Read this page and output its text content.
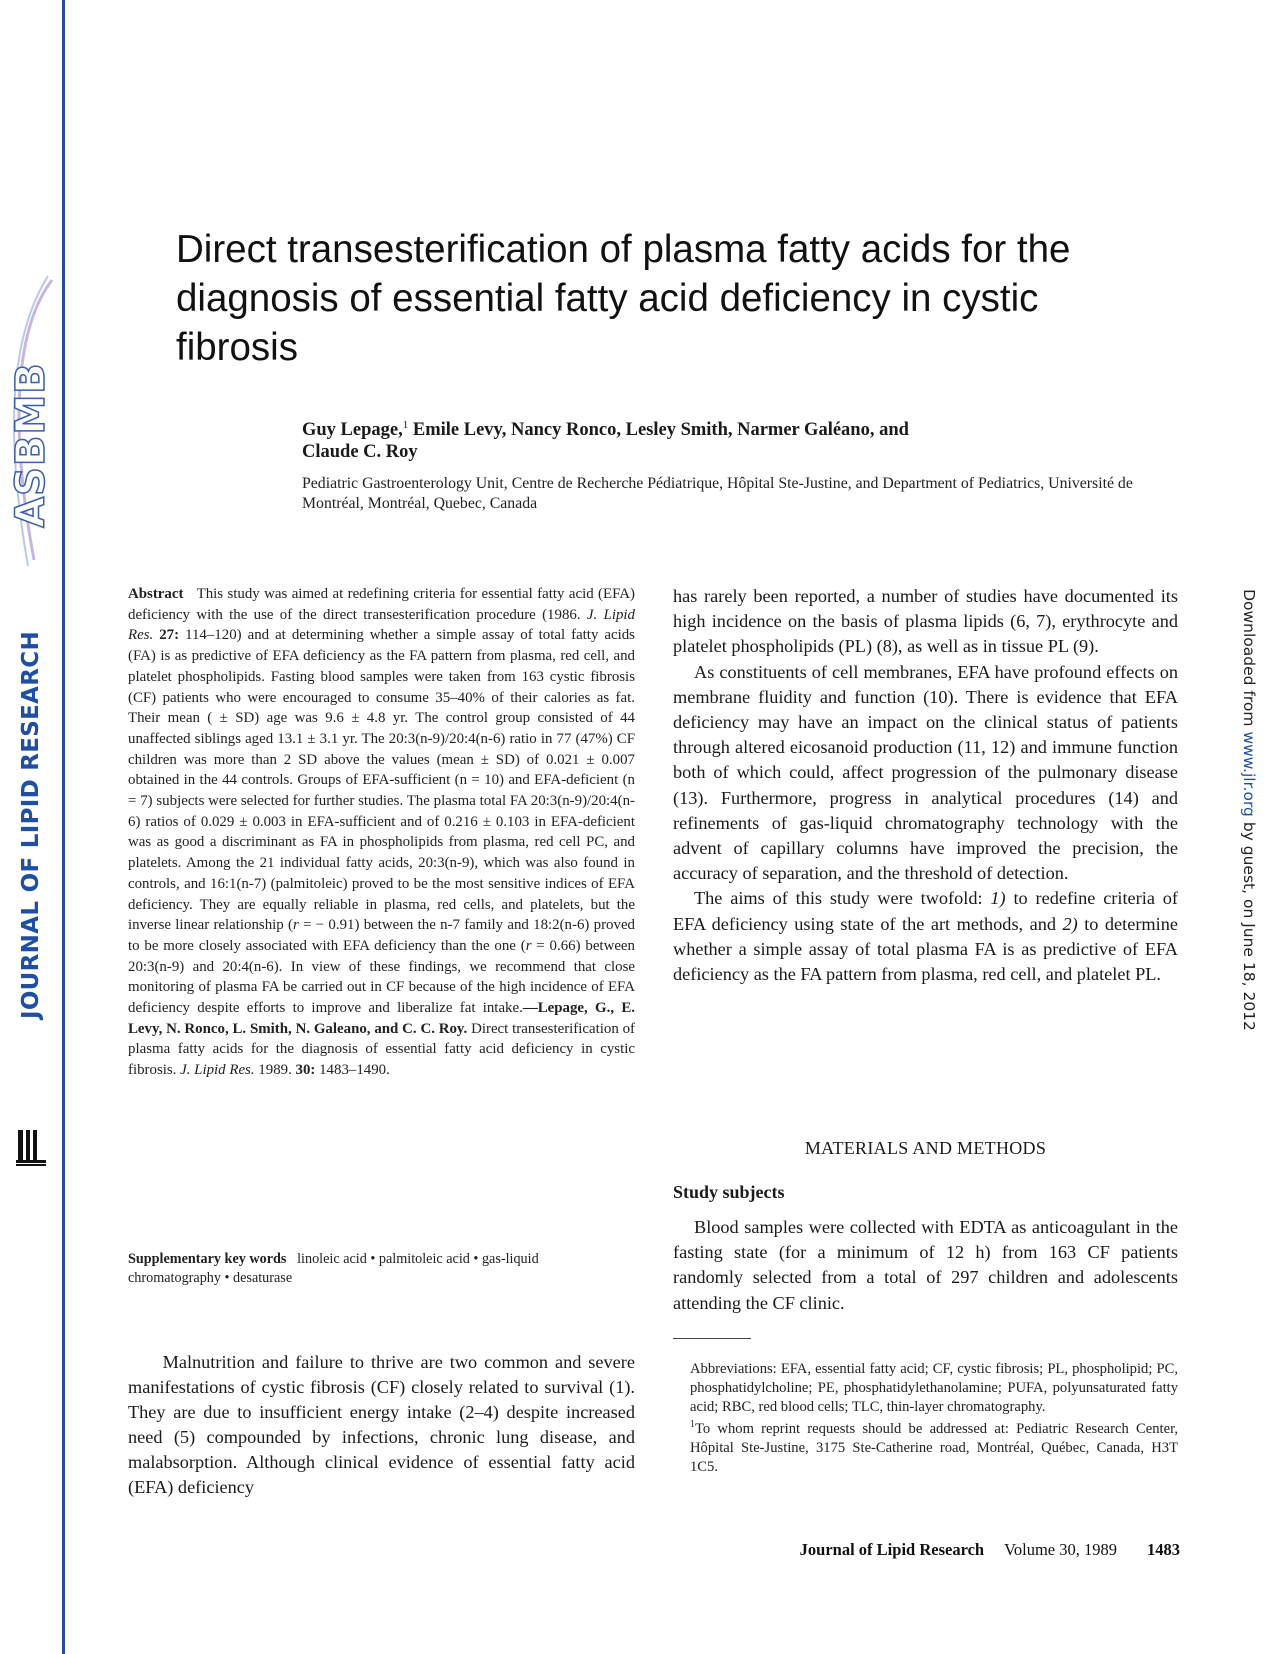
ASBMB
JOURNAL OF LIPID RESEARCH	Downloaded from www.jlr.org by guest, on June 18, 2012
Direct transesterification of plasma fatty acids for the diagnosis of essential fatty acid deficiency in cystic fibrosis
Guy Lepage,$^1$ Emile Levy, Nancy Ronco, Lesley Smith, Narmer Galéano, and
Claude C. Roy
Pediatric Gastroenterology Unit, Centre de Recherche Pédiatrique, Hôpital Ste-Justine, and Department of Pediatrics, Université de Montréal, Montréal, Quebec, Canada

Abstract This study was aimed at redefining criteria for essential fatty acid (EFA) deficiency with the use of the direct transesterification procedure (1986. J. Lipid Res. 27: 114–120) and at determining whether a simple assay of total fatty acids (FA) is as predictive of EFA deficiency as the FA pattern from plasma, red cell, and platelet phospholipids. Fasting blood samples were taken from 163 cystic fibrosis (CF) patients who were encouraged to consume 35–40% of their calories as fat. Their mean ( ± SD) age was 9.6 ± 4.8 yr. The control group consisted of 44 unaffected siblings aged 13.1 ± 3.1 yr. The 20:3(n-9)/20:4(n-6) ratio in 77 (47%) CF children was more than 2 SD above the values (mean ± SD) of 0.021 ± 0.007 obtained in the 44 controls. Groups of EFA-sufficient (n = 10) and EFA-deficient (n = 7) subjects were selected for further studies. The plasma total FA 20:3(n-9)/20:4(n-6) ratios of 0.029 ± 0.003 in EFA-sufficient and of 0.216 ± 0.103 in EFA-deficient was as good a discriminant as FA in phospholipids from plasma, red cell PC, and platelets. Among the 21 individual fatty acids, 20:3(n-9), which was also found in controls, and 16:1(n-7) (palmitoleic) proved to be the most sensitive indices of EFA deficiency. They are equally reliable in plasma, red cells, and platelets, but the inverse linear relationship (r = − 0.91) between the n-7 family and 18:2(n-6) proved to be more closely associated with EFA deficiency than the one (r = 0.66) between 20:3(n-9) and 20:4(n-6). In view of these findings, we recommend that close monitoring of plasma FA be carried out in CF because of the high incidence of EFA deficiency despite efforts to improve and liberalize fat intake.—Lepage, G., E. Levy, N. Ronco, L. Smith, N. Galeano, and C. C. Roy. Direct transesterification of plasma fatty acids for the diagnosis of essential fatty acid deficiency in cystic fibrosis. J. Lipid Res. 1989. 30: 1483–1490.

Supplementary key words linoleic acid • palmitoleic acid • gas-liquid chromatography • desaturase

Malnutrition and failure to thrive are two common and severe manifestations of cystic fibrosis (CF) closely related to survival (1). They are due to insufficient energy intake (2–4) despite increased need (5) compounded by infections, chronic lung disease, and malabsorption. Although clinical evidence of essential fatty acid (EFA) deficiency

has rarely been reported, a number of studies have documented its high incidence on the basis of plasma lipids (6, 7), erythrocyte and platelet phospholipids (PL) (8), as well as in tissue PL (9).

As constituents of cell membranes, EFA have profound effects on membrane fluidity and function (10). There is evidence that EFA deficiency may have an impact on the clinical status of patients through altered eicosanoid production (11, 12) and immune function both of which could, affect progression of the pulmonary disease (13). Furthermore, progress in analytical procedures (14) and refinements of gas-liquid chromatography technology with the advent of capillary columns have improved the precision, the accuracy of separation, and the threshold of detection.

The aims of this study were twofold: 1) to redefine criteria of EFA deficiency using state of the art methods, and 2) to determine whether a simple assay of total plasma FA is as predictive of EFA deficiency as the FA pattern from plasma, red cell, and platelet PL.

MATERIALS AND METHODS
Study subjects

Blood samples were collected with EDTA as anticoagulant in the fasting state (for a minimum of 12 h) from 163 CF patients randomly selected from a total of 297 children and adolescents attending the CF clinic.

Abbreviations: EFA, essential fatty acid; CF, cystic fibrosis; PL, phospholipid; PC, phosphatidylcholine; PE, phosphatidylethanolamine; PUFA, polyunsaturated fatty acid; RBC, red blood cells; TLC, thin-layer chromatography.

$^1$To whom reprint requests should be addressed at: Pediatric Research Center, Hôpital Ste-Justine, 3175 Ste-Catherine road, Montréal, Québec, Canada, H3T 1C5.

Journal of Lipid Research Volume 30, 1989 1483
